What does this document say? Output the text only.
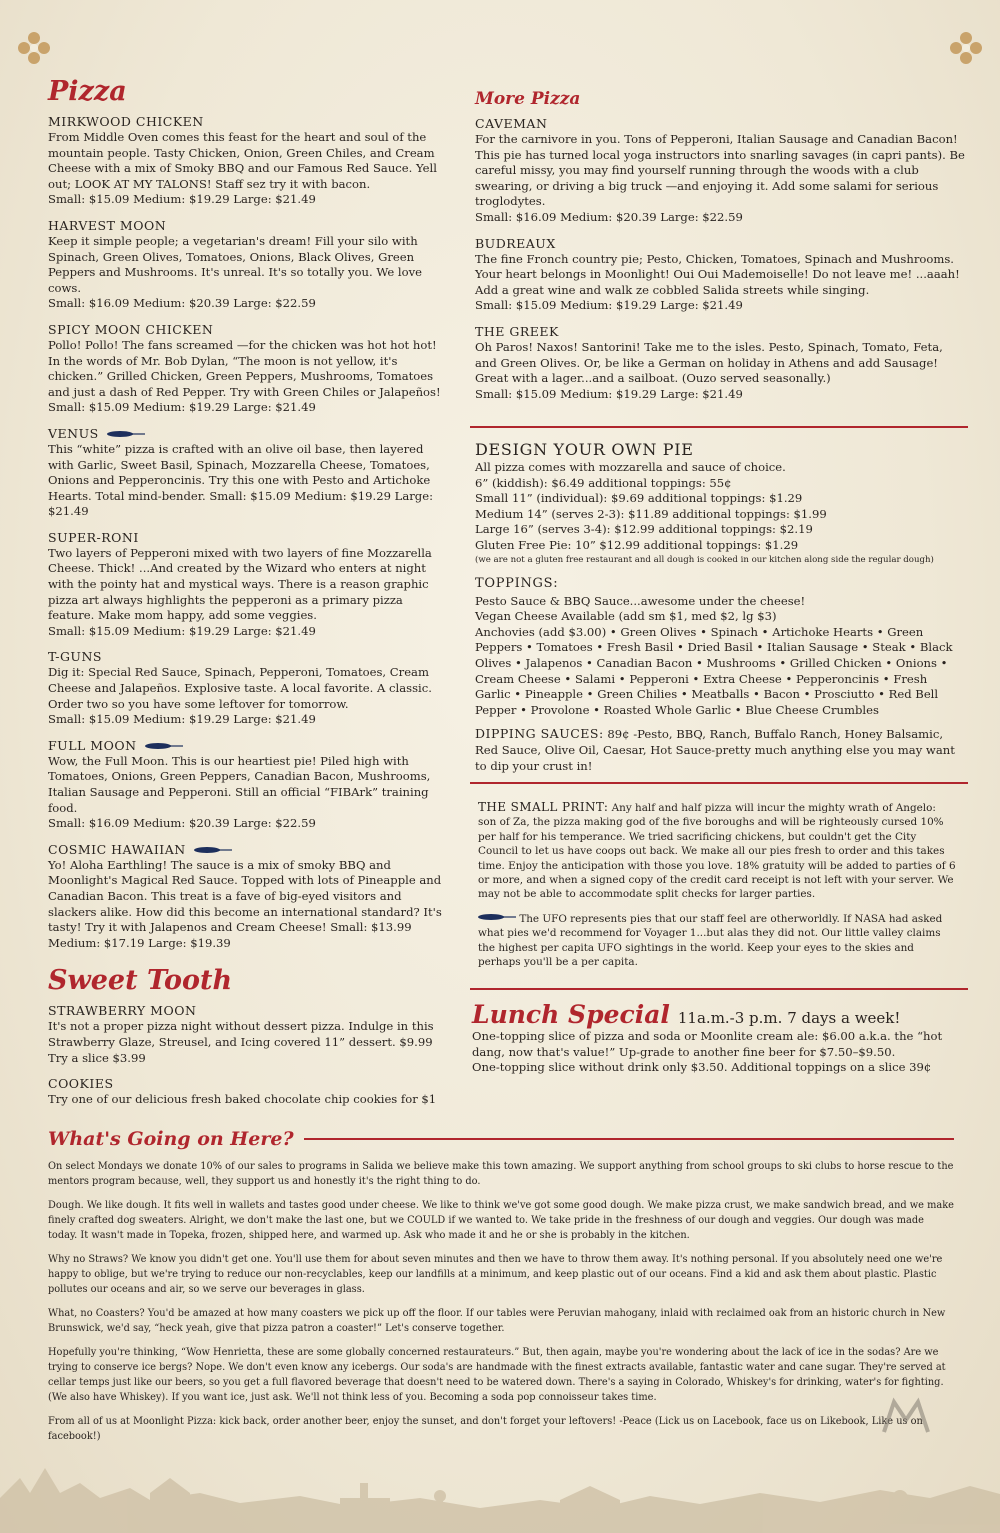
Pizza
MIRKWOOD CHICKEN
From Middle Oven comes this feast for the heart and soul of the mountain people. Tasty Chicken, Onion, Green Chiles, and Cream Cheese with a mix of Smoky BBQ and our Famous Red Sauce. Yell out; LOOK AT MY TALONS! Staff sez try it with bacon.
Small: $15.09 Medium: $19.29 Large: $21.49
HARVEST MOON
Keep it simple people; a vegetarian's dream! Fill your silo with Spinach, Green Olives, Tomatoes, Onions, Black Olives, Green Peppers and Mushrooms. It's unreal. It's so totally you. We love cows.
Small: $16.09 Medium: $20.39 Large: $22.59
SPICY MOON CHICKEN
Pollo! Pollo! The fans screamed —for the chicken was hot hot hot! In the words of Mr. Bob Dylan, “The moon is not yellow, it's chicken.” Grilled Chicken, Green Peppers, Mushrooms, Tomatoes and just a dash of Red Pepper. Try with Green Chiles or Jalapeños!
Small: $15.09 Medium: $19.29 Large: $21.49
VENUS
This “white” pizza is crafted with an olive oil base, then layered with Garlic, Sweet Basil, Spinach, Mozzarella Cheese, Tomatoes, Onions and Pepperoncinis. Try this one with Pesto and Artichoke Hearts. Total mind-bender. Small: $15.09 Medium: $19.29 Large: $21.49
SUPER-RONI
Two layers of Pepperoni mixed with two layers of fine Mozzarella Cheese. Thick! ...And created by the Wizard who enters at night with the pointy hat and mystical ways. There is a reason graphic pizza art always highlights the pepperoni as a primary pizza feature. Make mom happy, add some veggies.
Small: $15.09 Medium: $19.29 Large: $21.49
T-GUNS
Dig it: Special Red Sauce, Spinach, Pepperoni, Tomatoes, Cream Cheese and Jalapeños. Explosive taste. A local favorite. A classic. Order two so you have some leftover for tomorrow.
Small: $15.09 Medium: $19.29 Large: $21.49
FULL MOON
Wow, the Full Moon. This is our heartiest pie! Piled high with Tomatoes, Onions, Green Peppers, Canadian Bacon, Mushrooms, Italian Sausage and Pepperoni. Still an official “FIBArk” training food.
Small: $16.09 Medium: $20.39 Large: $22.59
COSMIC HAWAIIAN
Yo! Aloha Earthling! The sauce is a mix of smoky BBQ and Moonlight's Magical Red Sauce. Topped with lots of Pineapple and Canadian Bacon. This treat is a fave of big-eyed visitors and slackers alike. How did this become an international standard? It's tasty! Try it with Jalapenos and Cream Cheese! Small: $13.99 Medium: $17.19 Large: $19.39
Sweet Tooth
STRAWBERRY MOON
It's not a proper pizza night without dessert pizza. Indulge in this Strawberry Glaze, Streusel, and Icing covered 11” dessert. $9.99
Try a slice $3.99
COOKIES
Try one of our delicious fresh baked chocolate chip cookies for $1
More Pizza
CAVEMAN
For the carnivore in you. Tons of Pepperoni, Italian Sausage and Canadian Bacon! This pie has turned local yoga instructors into snarling savages (in capri pants). Be careful missy, you may find yourself running through the woods with a club swearing, or driving a big truck —and enjoying it. Add some salami for serious troglodytes.
Small: $16.09 Medium: $20.39 Large: $22.59
BUDREAUX
The fine Fronch country pie; Pesto, Chicken, Tomatoes, Spinach and Mushrooms. Your heart belongs in Moonlight! Oui Oui Mademoiselle! Do not leave me! ...aaah! Add a great wine and walk ze cobbled Salida streets while singing.
Small: $15.09 Medium: $19.29 Large: $21.49
THE GREEK
Oh Paros! Naxos! Santorini! Take me to the isles. Pesto, Spinach, Tomato, Feta, and Green Olives. Or, be like a German on holiday in Athens and add Sausage! Great with a lager...and a sailboat. (Ouzo served seasonally.)
Small: $15.09 Medium: $19.29 Large: $21.49
DESIGN YOUR OWN PIE
All pizza comes with mozzarella and sauce of choice.
6” (kiddish): $6.49 additional toppings: 55¢
Small 11” (individual): $9.69 additional toppings: $1.29
Medium 14” (serves 2-3): $11.89 additional toppings: $1.99
Large 16” (serves 3-4): $12.99 additional toppings: $2.19
Gluten Free Pie: 10” $12.99 additional toppings: $1.29
(we are not a gluten free restaurant and all dough is cooked in our kitchen along side the regular dough)
TOPPINGS:
Pesto Sauce & BBQ Sauce...awesome under the cheese!
Vegan Cheese Available (add sm $1, med $2, lg $3)
Anchovies (add $3.00) • Green Olives • Spinach • Artichoke Hearts • Green Peppers • Tomatoes • Fresh Basil • Dried Basil • Italian Sausage • Steak • Black Olives • Jalapenos • Canadian Bacon • Mushrooms • Grilled Chicken • Onions • Cream Cheese • Salami • Pepperoni • Extra Cheese • Pepperoncinis • Fresh Garlic • Pineapple • Green Chilies • Meatballs • Bacon • Prosciutto • Red Bell Pepper • Provolone • Roasted Whole Garlic • Blue Cheese Crumbles
DIPPING SAUCES: 89¢ -Pesto, BBQ, Ranch, Buffalo Ranch, Honey Balsamic, Red Sauce, Olive Oil, Caesar, Hot Sauce-pretty much anything else you may want to dip your crust in!
THE SMALL PRINT: Any half and half pizza will incur the mighty wrath of Angelo: son of Za, the pizza making god of the five boroughs and will be righteously cursed 10% per half for his temperance. We tried sacrificing chickens, but couldn't get the City Council to let us have coops out back. We make all our pies fresh to order and this takes time. Enjoy the anticipation with those you love. 18% gratuity will be added to parties of 6 or more, and when a signed copy of the credit card receipt is not left with your server. We may not be able to accommodate split checks for larger parties.
The UFO represents pies that our staff feel are otherworldly. If NASA had asked what pies we'd recommend for Voyager 1...but alas they did not. Our little valley claims the highest per capita UFO sightings in the world. Keep your eyes to the skies and perhaps you'll be a per capita.
Lunch Special 11a.m.-3 p.m. 7 days a week!
One-topping slice of pizza and soda or Moonlite cream ale: $6.00 a.k.a. the “hot dang, now that's value!” Up-grade to another fine beer for $7.50–$9.50.
One-topping slice without drink only $3.50. Additional toppings on a slice 39¢
What's Going on Here?

On select Mondays we donate 10% of our sales to programs in Salida we believe make this town amazing. We support anything from school groups to ski clubs to horse rescue to the mentors program because, well, they support us and honestly it's the right thing to do.

Dough. We like dough. It fits well in wallets and tastes good under cheese. We like to think we've got some good dough. We make pizza crust, we make sandwich bread, and we make finely crafted dog sweaters. Alright, we don't make the last one, but we COULD if we wanted to. We take pride in the freshness of our dough and veggies. Our dough was made today. It wasn't made in Topeka, frozen, shipped here, and warmed up. Ask who made it and he or she is probably in the kitchen.

Why no Straws? We know you didn't get one. You'll use them for about seven minutes and then we have to throw them away. It's nothing personal. If you absolutely need one we're happy to oblige, but we're trying to reduce our non-recyclables, keep our landfills at a minimum, and keep plastic out of our oceans. Find a kid and ask them about plastic. Plastic pollutes our oceans and air, so we serve our beverages in glass.

What, no Coasters? You'd be amazed at how many coasters we pick up off the floor. If our tables were Peruvian mahogany, inlaid with reclaimed oak from an historic church in New Brunswick, we'd say, “heck yeah, give that pizza patron a coaster!” Let's conserve together.

Hopefully you're thinking, “Wow Henrietta, these are some globally concerned restaurateurs.” But, then again, maybe you're wondering about the lack of ice in the sodas? Are we trying to conserve ice bergs? Nope. We don't even know any icebergs. Our soda's are handmade with the finest extracts available, fantastic water and cane sugar. They're served at cellar temps just like our beers, so you get a full flavored beverage that doesn't need to be watered down. There's a saying in Colorado, Whiskey's for drinking, water's for fighting. (We also have Whiskey). If you want ice, just ask. We'll not think less of you. Becoming a soda pop connoisseur takes time.

From all of us at Moonlight Pizza: kick back, order another beer, enjoy the sunset, and don't forget your leftovers! -Peace (Lick us on Lacebook, face us on Likebook, Like us on facebook!)
